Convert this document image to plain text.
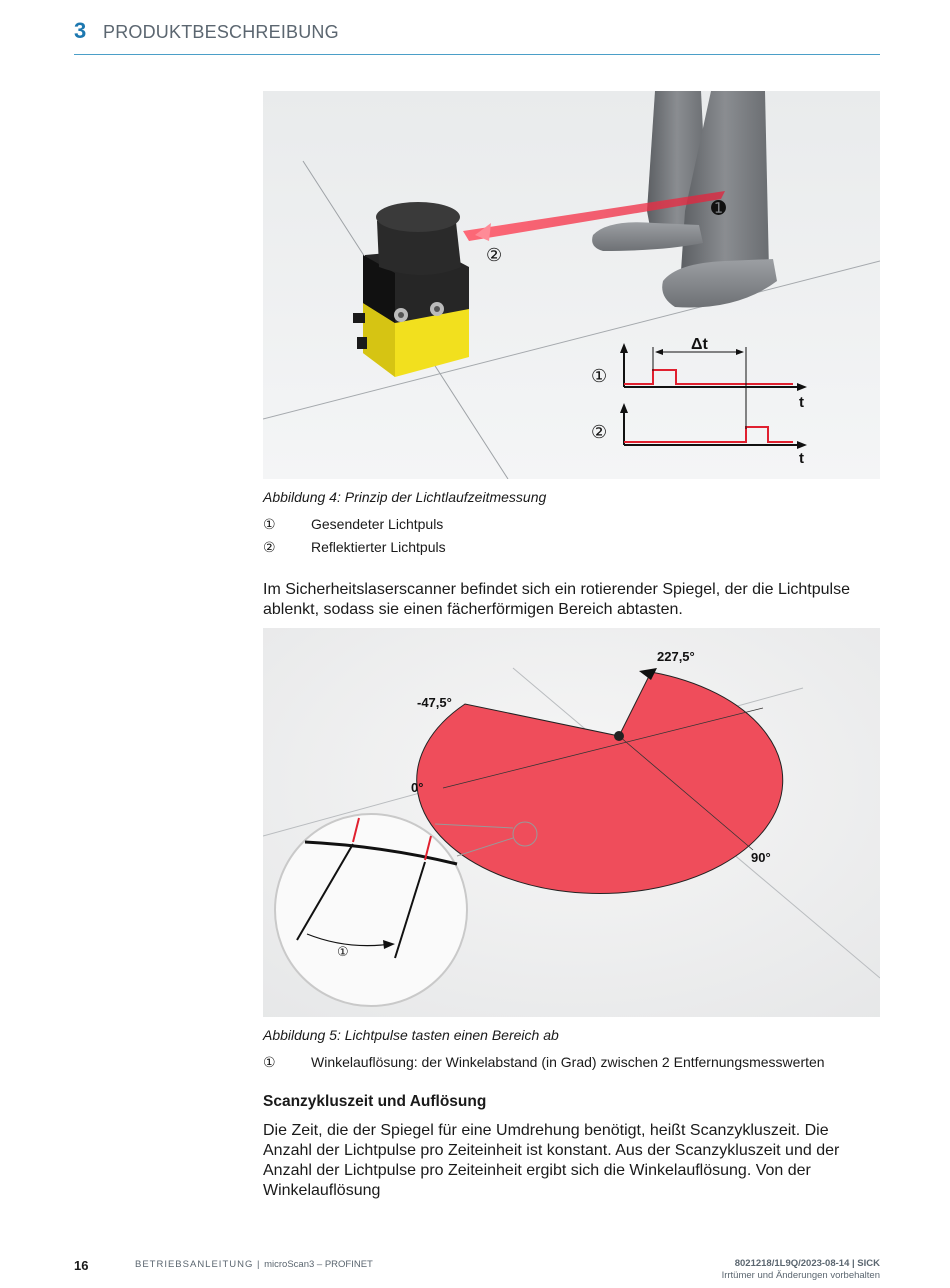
3 PRODUKTBESCHREIBUNG
➊
②
①
②
Δt
t
t
Abbildung 4: Prinzip der Lichtlaufzeitmessung
①	Gesendeter Lichtpuls
②	Reflektierter Lichtpuls

Im Sicherheitslaserscanner befindet sich ein rotierender Spiegel, der die Lichtpulse ablenkt, sodass sie einen fächerförmigen Bereich abtasten.

227,5°
-47,5°
0°
90°
①
Abbildung 5: Lichtpulse tasten einen Bereich ab
①	Winkelauflösung: der Winkelabstand (in Grad) zwischen 2 Entfernungsmesswerten
Scanzykluszeit und Auflösung

Die Zeit, die der Spiegel für eine Umdrehung benötigt, heißt Scanzykluszeit. Die Anzahl der Lichtpulse pro Zeiteinheit ist konstant. Aus der Scanzykluszeit und der Anzahl der Lichtpulse pro Zeiteinheit ergibt sich die Winkelauflösung. Von der Winkelauflösung

16	BETRIEBSANLEITUNG | microScan3 – PROFINET	8021218/1L9Q/2023-08-14 | SICK
Irrtümer und Änderungen vorbehalten
